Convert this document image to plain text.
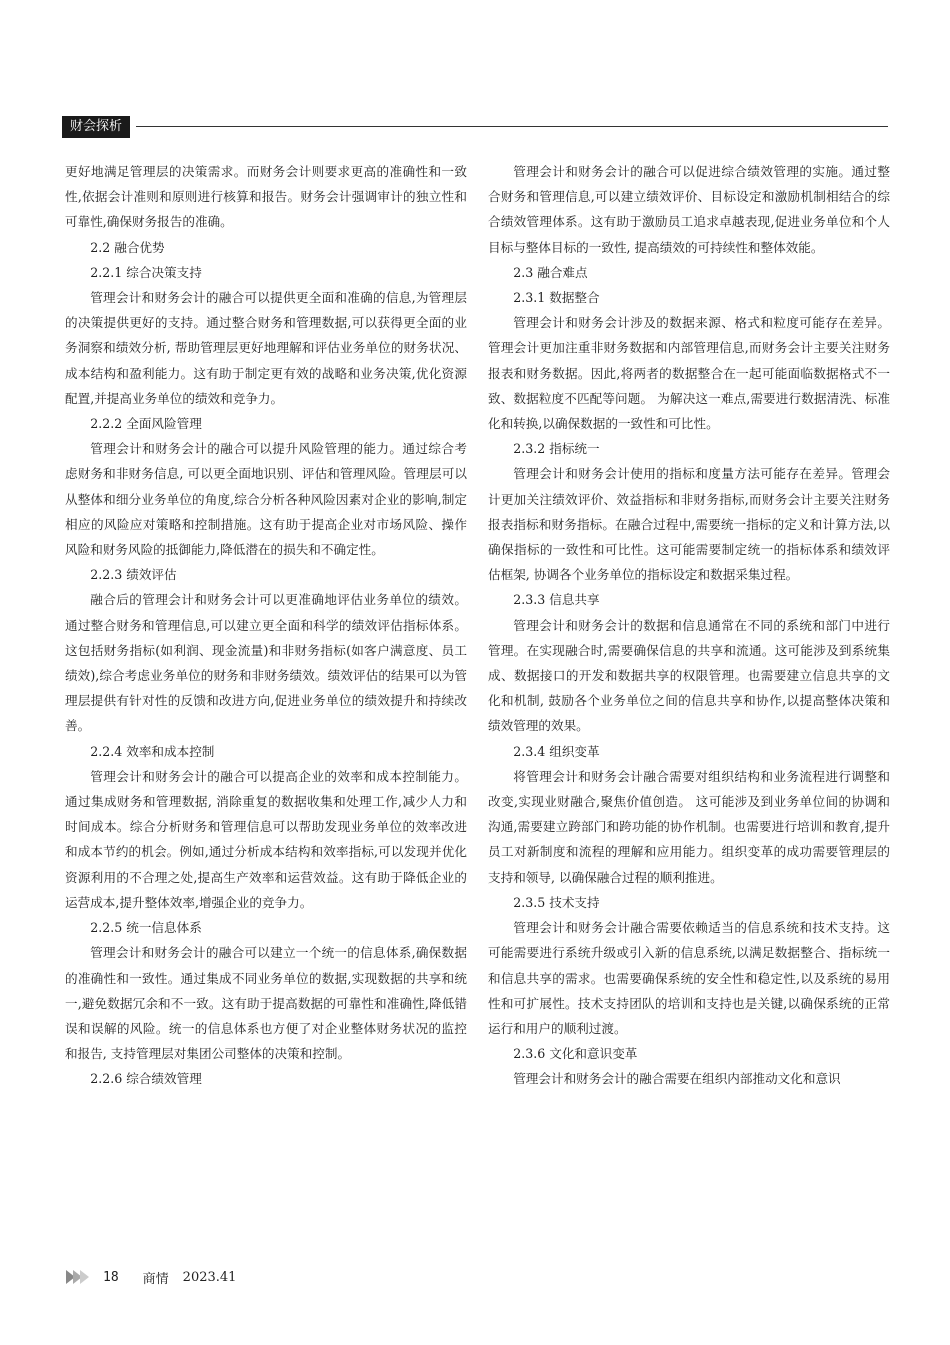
财会探析

更好地满足管理层的决策需求。而财务会计则要求更高的准确性和一致性,依据会计准则和原则进行核算和报告。财务会计强调审计的独立性和可靠性,确保财务报告的准确。

2.2 融合优势

2.2.1 综合决策支持

管理会计和财务会计的融合可以提供更全面和准确的信息,为管理层的决策提供更好的支持。通过整合财务和管理数据,可以获得更全面的业务洞察和绩效分析, 帮助管理层更好地理解和评估业务单位的财务状况、成本结构和盈利能力。这有助于制定更有效的战略和业务决策,优化资源配置,并提高业务单位的绩效和竞争力。

2.2.2 全面风险管理

管理会计和财务会计的融合可以提升风险管理的能力。通过综合考虑财务和非财务信息, 可以更全面地识别、评估和管理风险。管理层可以从整体和细分业务单位的角度,综合分析各种风险因素对企业的影响,制定相应的风险应对策略和控制措施。这有助于提高企业对市场风险、操作风险和财务风险的抵御能力,降低潜在的损失和不确定性。

2.2.3 绩效评估

融合后的管理会计和财务会计可以更准确地评估业务单位的绩效。通过整合财务和管理信息,可以建立更全面和科学的绩效评估指标体系。这包括财务指标(如利润、现金流量)和非财务指标(如客户满意度、员工绩效),综合考虑业务单位的财务和非财务绩效。绩效评估的结果可以为管理层提供有针对性的反馈和改进方向,促进业务单位的绩效提升和持续改善。

2.2.4 效率和成本控制

管理会计和财务会计的融合可以提高企业的效率和成本控制能力。通过集成财务和管理数据, 消除重复的数据收集和处理工作,减少人力和时间成本。综合分析财务和管理信息可以帮助发现业务单位的效率改进和成本节约的机会。例如,通过分析成本结构和效率指标,可以发现并优化资源利用的不合理之处,提高生产效率和运营效益。这有助于降低企业的运营成本,提升整体效率,增强企业的竞争力。

2.2.5 统一信息体系

管理会计和财务会计的融合可以建立一个统一的信息体系,确保数据的准确性和一致性。通过集成不同业务单位的数据,实现数据的共享和统一,避免数据冗余和不一致。这有助于提高数据的可靠性和准确性,降低错误和误解的风险。统一的信息体系也方便了对企业整体财务状况的监控和报告, 支持管理层对集团公司整体的决策和控制。

2.2.6 综合绩效管理

管理会计和财务会计的融合可以促进综合绩效管理的实施。通过整合财务和管理信息,可以建立绩效评价、目标设定和激励机制相结合的综合绩效管理体系。这有助于激励员工追求卓越表现,促进业务单位和个人目标与整体目标的一致性, 提高绩效的可持续性和整体效能。

2.3 融合难点

2.3.1 数据整合

管理会计和财务会计涉及的数据来源、格式和粒度可能存在差异。管理会计更加注重非财务数据和内部管理信息,而财务会计主要关注财务报表和财务数据。因此,将两者的数据整合在一起可能面临数据格式不一致、数据粒度不匹配等问题。 为解决这一难点,需要进行数据清洗、标准化和转换,以确保数据的一致性和可比性。

2.3.2 指标统一

管理会计和财务会计使用的指标和度量方法可能存在差异。管理会计更加关注绩效评价、效益指标和非财务指标,而财务会计主要关注财务报表指标和财务指标。在融合过程中,需要统一指标的定义和计算方法,以确保指标的一致性和可比性。这可能需要制定统一的指标体系和绩效评估框架, 协调各个业务单位的指标设定和数据采集过程。

2.3.3 信息共享

管理会计和财务会计的数据和信息通常在不同的系统和部门中进行管理。在实现融合时,需要确保信息的共享和流通。这可能涉及到系统集成、数据接口的开发和数据共享的权限管理。也需要建立信息共享的文化和机制, 鼓励各个业务单位之间的信息共享和协作,以提高整体决策和绩效管理的效果。

2.3.4 组织变革

将管理会计和财务会计融合需要对组织结构和业务流程进行调整和改变,实现业财融合,聚焦价值创造。 这可能涉及到业务单位间的协调和沟通,需要建立跨部门和跨功能的协作机制。也需要进行培训和教育,提升员工对新制度和流程的理解和应用能力。组织变革的成功需要管理层的支持和领导, 以确保融合过程的顺利推进。

2.3.5 技术支持

管理会计和财务会计融合需要依赖适当的信息系统和技术支持。这可能需要进行系统升级或引入新的信息系统,以满足数据整合、指标统一和信息共享的需求。也需要确保系统的安全性和稳定性,以及系统的易用性和可扩展性。技术支持团队的培训和支持也是关键,以确保系统的正常运行和用户的顺利过渡。

2.3.6 文化和意识变革

管理会计和财务会计的融合需要在组织内部推动文化和意识

18 商情 2023.41
